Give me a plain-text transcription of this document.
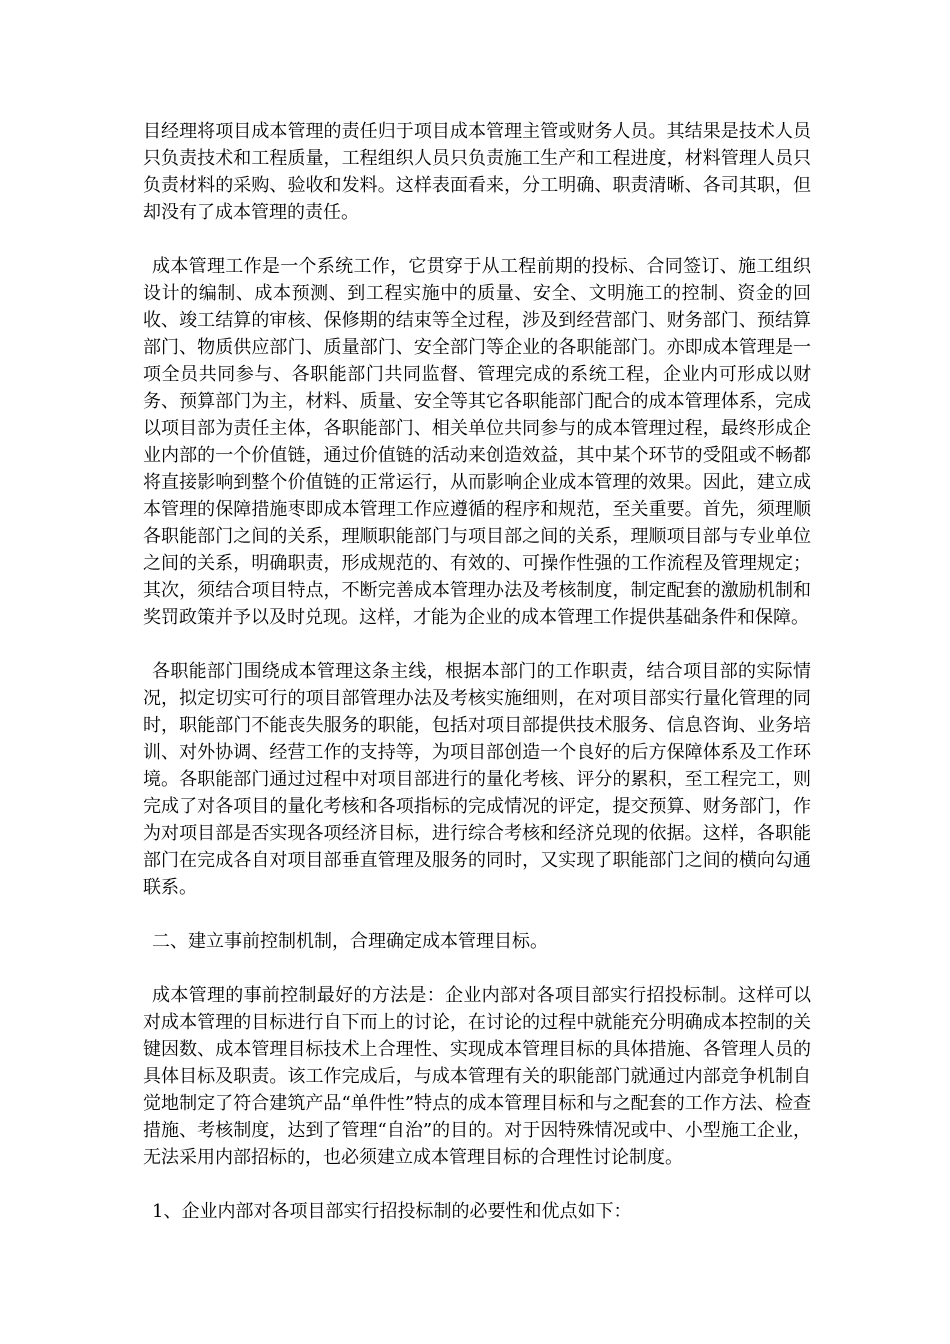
目经理将项目成本管理的责任归于项目成本管理主管或财务人员。其结果是技术人员只负责技术和工程质量，工程组织人员只负责施工生产和工程进度，材料管理人员只负责材料的采购、验收和发料。这样表面看来，分工明确、职责清晰、各司其职，但却没有了成本管理的责任。

成本管理工作是一个系统工作，它贯穿于从工程前期的投标、合同签订、施工组织设计的编制、成本预测、到工程实施中的质量、安全、文明施工的控制、资金的回收、竣工结算的审核、保修期的结束等全过程，涉及到经营部门、财务部门、预结算部门、物质供应部门、质量部门、安全部门等企业的各职能部门。亦即成本管理是一项全员共同参与、各职能部门共同监督、管理完成的系统工程，企业内可形成以财务、预算部门为主，材料、质量、安全等其它各职能部门配合的成本管理体系，完成以项目部为责任主体，各职能部门、相关单位共同参与的成本管理过程，最终形成企业内部的一个价值链，通过价值链的活动来创造效益，其中某个环节的受阻或不畅都将直接影响到整个价值链的正常运行，从而影响企业成本管理的效果。因此，建立成本管理的保障措施枣即成本管理工作应遵循的程序和规范，至关重要。首先，须理顺各职能部门之间的关系，理顺职能部门与项目部之间的关系，理顺项目部与专业单位之间的关系，明确职责，形成规范的、有效的、可操作性强的工作流程及管理规定；其次，须结合项目特点，不断完善成本管理办法及考核制度，制定配套的激励机制和奖罚政策并予以及时兑现。这样，才能为企业的成本管理工作提供基础条件和保障。

各职能部门围绕成本管理这条主线，根据本部门的工作职责，结合项目部的实际情况，拟定切实可行的项目部管理办法及考核实施细则，在对项目部实行量化管理的同时，职能部门不能丧失服务的职能，包括对项目部提供技术服务、信息咨询、业务培训、对外协调、经营工作的支持等，为项目部创造一个良好的后方保障体系及工作环境。各职能部门通过过程中对项目部进行的量化考核、评分的累积，至工程完工，则完成了对各项目的量化考核和各项指标的完成情况的评定，提交预算、财务部门，作为对项目部是否实现各项经济目标，进行综合考核和经济兑现的依据。这样，各职能部门在完成各自对项目部垂直管理及服务的同时，又实现了职能部门之间的横向勾通联系。

二、建立事前控制机制，合理确定成本管理目标。

成本管理的事前控制最好的方法是：企业内部对各项目部实行招投标制。这样可以对成本管理的目标进行自下而上的讨论，在讨论的过程中就能充分明确成本控制的关键因数、成本管理目标技术上合理性、实现成本管理目标的具体措施、各管理人员的具体目标及职责。该工作完成后，与成本管理有关的职能部门就通过内部竞争机制自觉地制定了符合建筑产品“单件性”特点的成本管理目标和与之配套的工作方法、检查措施、考核制度，达到了管理“自治”的目的。对于因特殊情况或中、小型施工企业，无法采用内部招标的，也必须建立成本管理目标的合理性讨论制度。

1、企业内部对各项目部实行招投标制的必要性和优点如下：
